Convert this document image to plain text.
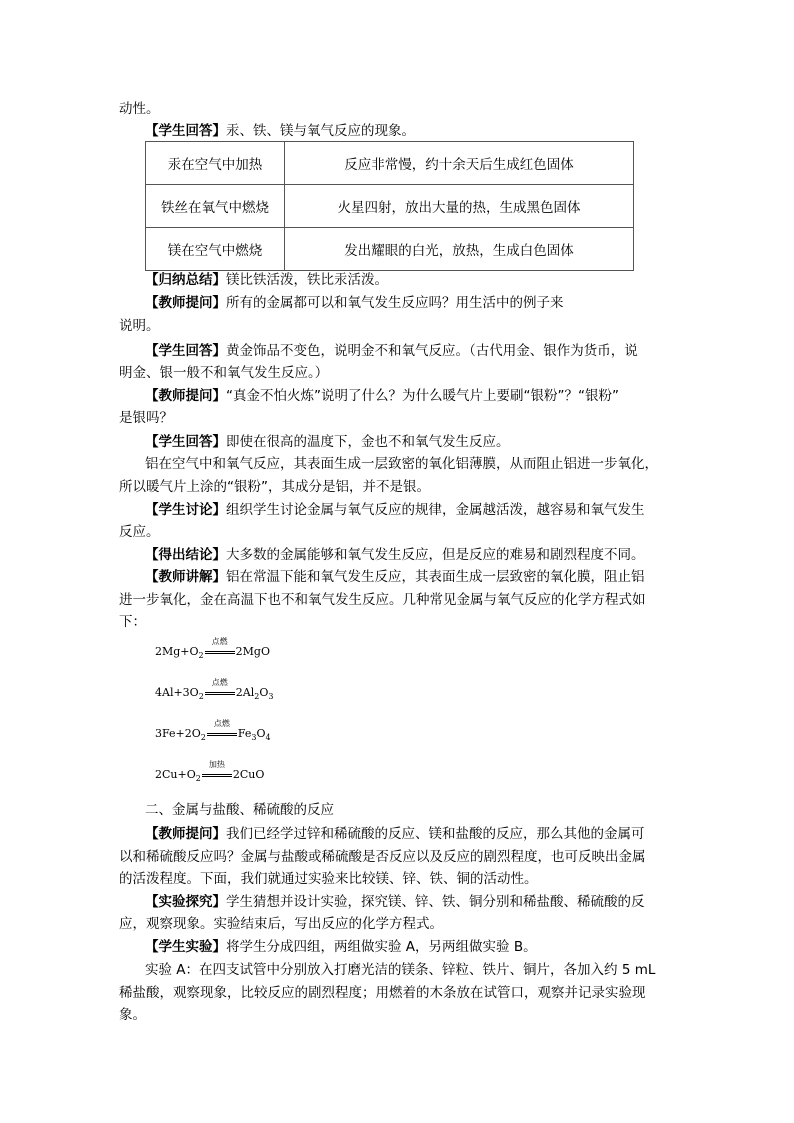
动性。
【学生回答】汞、铁、镁与氧气反应的现象。
汞在空气中加热	反应非常慢，约十余天后生成红色固体
铁丝在氧气中燃烧	火星四射，放出大量的热，生成黑色固体
镁在空气中燃烧	发出耀眼的白光，放热，生成白色固体
【归纳总结】镁比铁活泼，铁比汞活泼。
【教师提问】所有的金属都可以和氧气发生反应吗？用生活中的例子来
说明。
【学生回答】黄金饰品不变色，说明金不和氧气反应。（古代用金、银作为货币，说
明金、银一般不和氧气发生反应。）
【教师提问】“真金不怕火炼”说明了什么？为什么暖气片上要刷“银粉”？“银粉”
是银吗？
【学生回答】即使在很高的温度下，金也不和氧气发生反应。
铝在空气中和氧气反应，其表面生成一层致密的氧化铝薄膜，从而阻止铝进一步氧化，
所以暖气片上涂的“银粉”，其成分是铝，并不是银。
【学生讨论】组织学生讨论金属与氧气反应的规律，金属越活泼，越容易和氧气发生
反应。
【得出结论】大多数的金属能够和氧气发生反应，但是反应的难易和剧烈程度不同。
【教师讲解】铝在常温下能和氧气发生反应，其表面生成一层致密的氧化膜，阻止铝
进一步氧化，金在高温下也不和氧气发生反应。几种常见金属与氧气反应的化学方程式如
下：
$2Mg+O_2$
点燃
2MgO
$4Al+3O_2$
点燃
$2Al_2O_3$
$3Fe+2O_2$
点燃
$Fe_3O_4$
$2Cu+O_2$
加热
2CuO
二、金属与盐酸、稀硫酸的反应
【教师提问】我们已经学过锌和稀硫酸的反应、镁和盐酸的反应，那么其他的金属可
以和稀硫酸反应吗？金属与盐酸或稀硫酸是否反应以及反应的剧烈程度，也可反映出金属
的活泼程度。下面，我们就通过实验来比较镁、锌、铁、铜的活动性。
【实验探究】学生猜想并设计实验，探究镁、锌、铁、铜分别和稀盐酸、稀硫酸的反
应，观察现象。实验结束后，写出反应的化学方程式。
【学生实验】将学生分成四组，两组做实验 A，另两组做实验 B。
实验 A：在四支试管中分别放入打磨光洁的镁条、锌粒、铁片、铜片，各加入约 5 mL
稀盐酸，观察现象，比较反应的剧烈程度；用燃着的木条放在试管口，观察并记录实验现
象。
